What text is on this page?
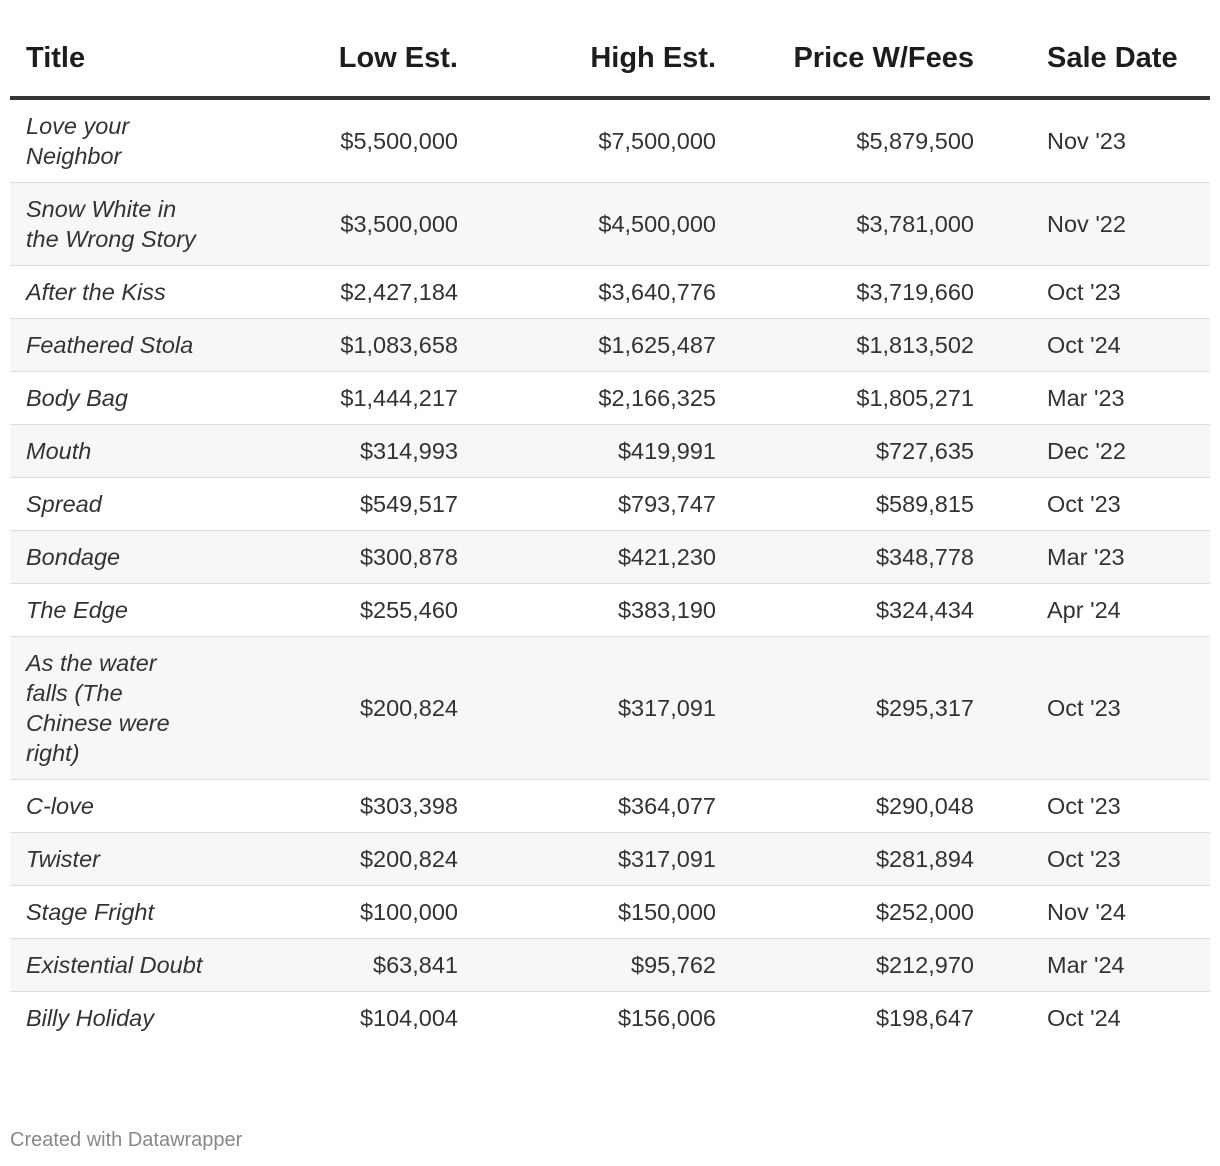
Title	Low Est.	High Est.	Price W/Fees	Sale Date
Love your Neighbor	$5,500,000	$7,500,000	$5,879,500	Nov '23
Snow White in the Wrong Story	$3,500,000	$4,500,000	$3,781,000	Nov '22
After the Kiss	$2,427,184	$3,640,776	$3,719,660	Oct '23
Feathered Stola	$1,083,658	$1,625,487	$1,813,502	Oct '24
Body Bag	$1,444,217	$2,166,325	$1,805,271	Mar '23
Mouth	$314,993	$419,991	$727,635	Dec '22
Spread	$549,517	$793,747	$589,815	Oct '23
Bondage	$300,878	$421,230	$348,778	Mar '23
The Edge	$255,460	$383,190	$324,434	Apr '24
As the water falls (The Chinese were right)	$200,824	$317,091	$295,317	Oct '23
C-love	$303,398	$364,077	$290,048	Oct '23
Twister	$200,824	$317,091	$281,894	Oct '23
Stage Fright	$100,000	$150,000	$252,000	Nov '24
Existential Doubt	$63,841	$95,762	$212,970	Mar '24
Billy Holiday	$104,004	$156,006	$198,647	Oct '24
Created with Datawrapper
